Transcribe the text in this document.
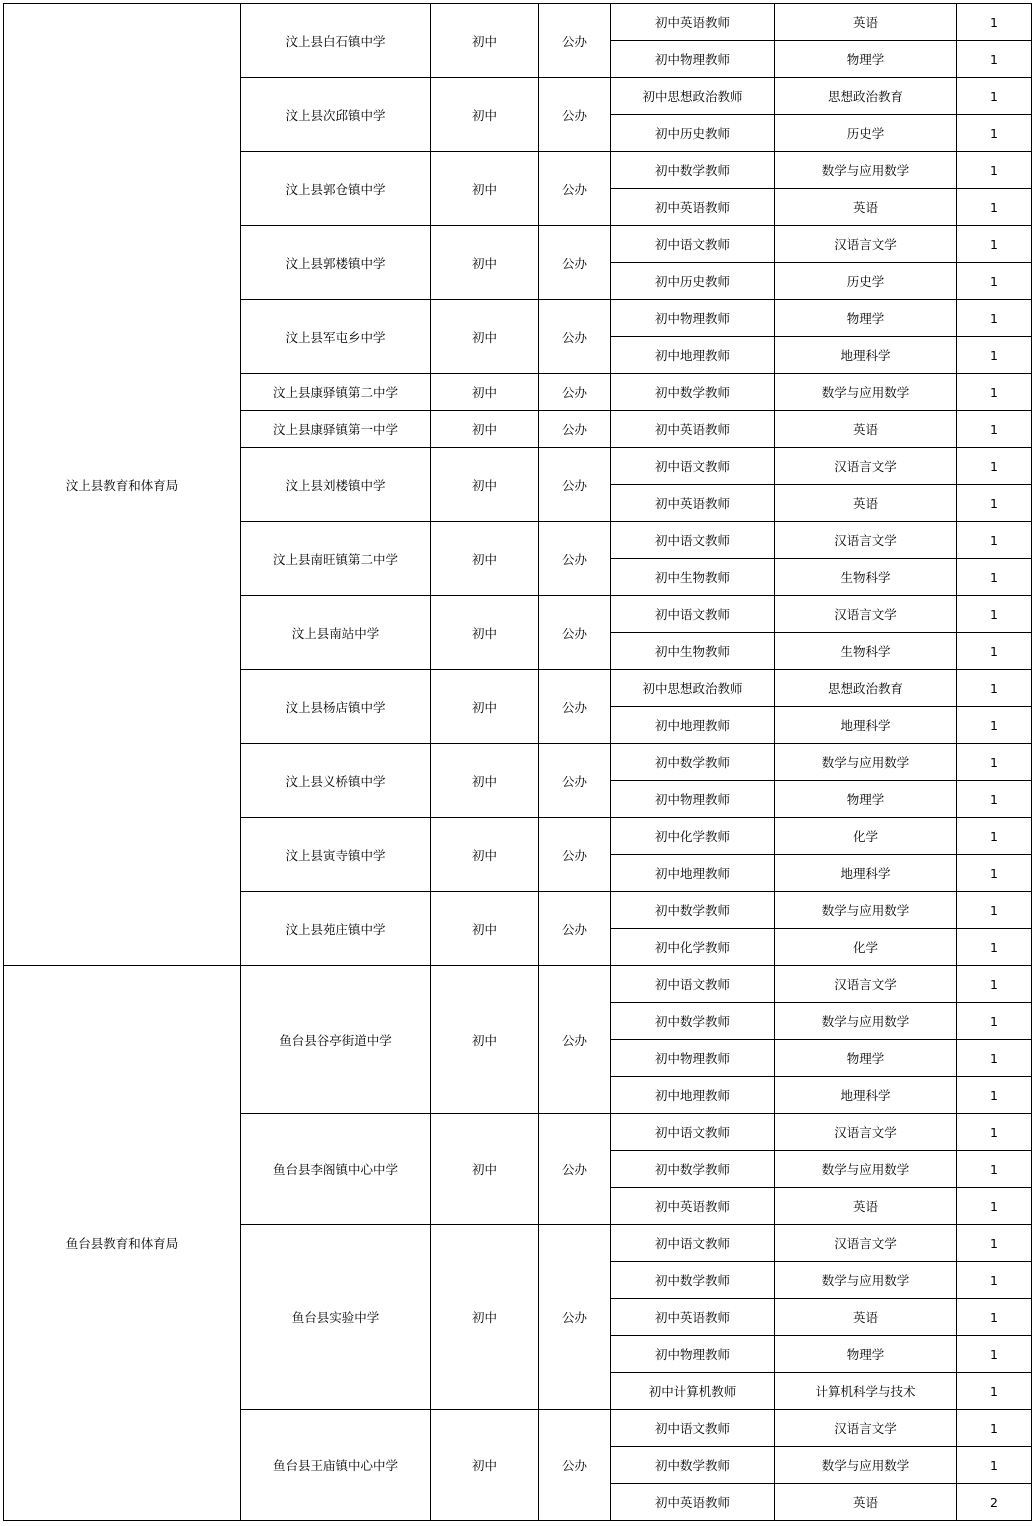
汶上县教育和体育局	汶上县白石镇中学	初中	公办	初中英语教师	英语	1
				初中物理教师	物理学	1
	汶上县次邱镇中学	初中	公办	初中思想政治教师	思想政治教育	1
				初中历史教师	历史学	1
	汶上县郭仓镇中学	初中	公办	初中数学教师	数学与应用数学	1
				初中英语教师	英语	1
	汶上县郭楼镇中学	初中	公办	初中语文教师	汉语言文学	1
				初中历史教师	历史学	1
	汶上县军屯乡中学	初中	公办	初中物理教师	物理学	1
				初中地理教师	地理科学	1
	汶上县康驿镇第二中学	初中	公办	初中数学教师	数学与应用数学	1
	汶上县康驿镇第一中学	初中	公办	初中英语教师	英语	1
	汶上县刘楼镇中学	初中	公办	初中语文教师	汉语言文学	1
				初中英语教师	英语	1
	汶上县南旺镇第二中学	初中	公办	初中语文教师	汉语言文学	1
				初中生物教师	生物科学	1
	汶上县南站中学	初中	公办	初中语文教师	汉语言文学	1
				初中生物教师	生物科学	1
	汶上县杨店镇中学	初中	公办	初中思想政治教师	思想政治教育	1
				初中地理教师	地理科学	1
	汶上县义桥镇中学	初中	公办	初中数学教师	数学与应用数学	1
				初中物理教师	物理学	1
	汶上县寅寺镇中学	初中	公办	初中化学教师	化学	1
				初中地理教师	地理科学	1
	汶上县苑庄镇中学	初中	公办	初中数学教师	数学与应用数学	1
				初中化学教师	化学	1
鱼台县教育和体育局	鱼台县谷亭街道中学	初中	公办	初中语文教师	汉语言文学	1
				初中数学教师	数学与应用数学	1
				初中物理教师	物理学	1
				初中地理教师	地理科学	1
	鱼台县李阁镇中心中学	初中	公办	初中语文教师	汉语言文学	1
				初中数学教师	数学与应用数学	1
				初中英语教师	英语	1
	鱼台县实验中学	初中	公办	初中语文教师	汉语言文学	1
				初中数学教师	数学与应用数学	1
				初中英语教师	英语	1
				初中物理教师	物理学	1
				初中计算机教师	计算机科学与技术	1
	鱼台县王庙镇中心中学	初中	公办	初中语文教师	汉语言文学	1
				初中数学教师	数学与应用数学	1
				初中英语教师	英语	2
